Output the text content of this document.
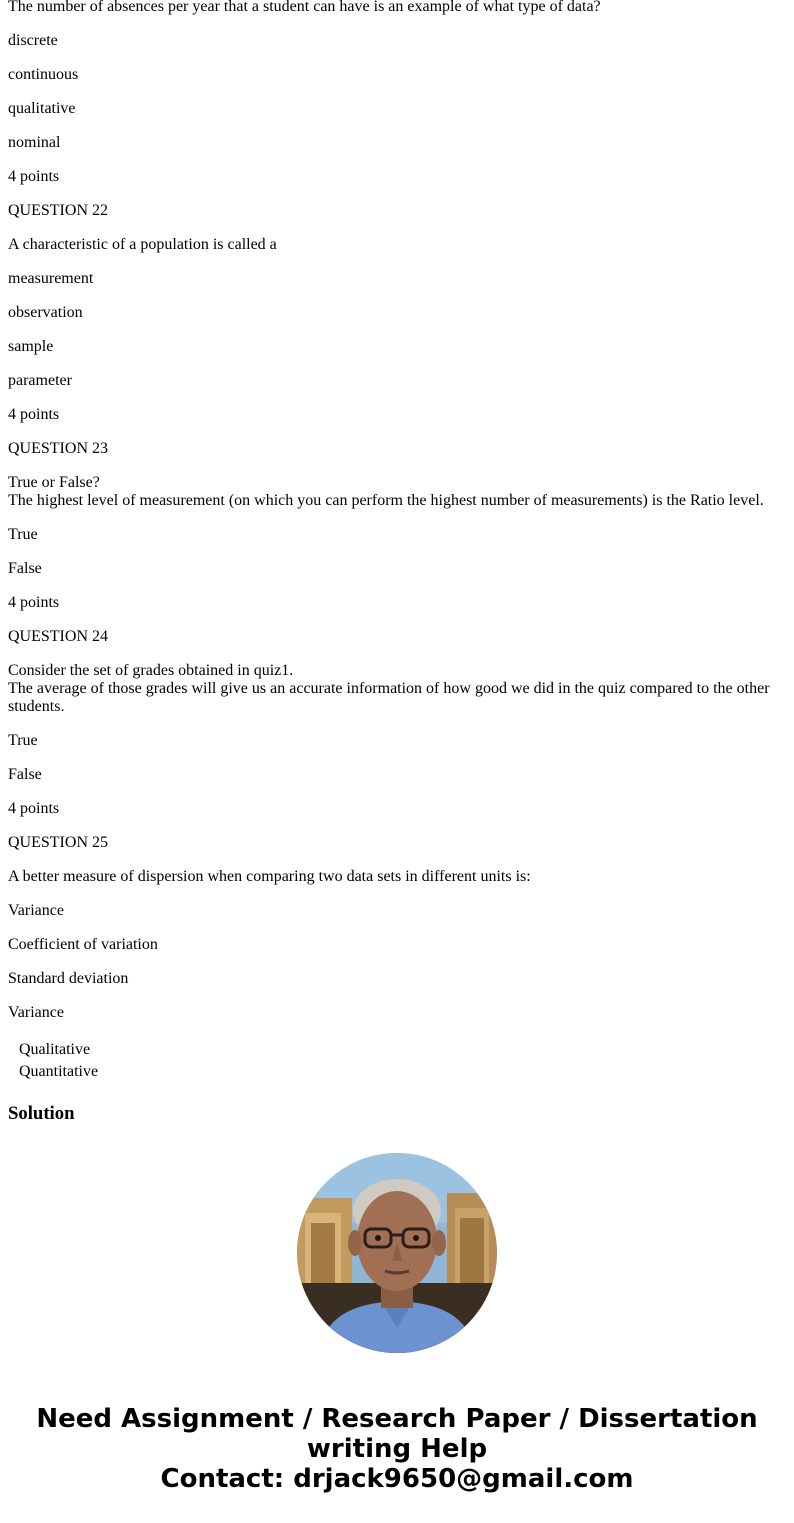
The number of absences per year that a student can have is an example of what type of data?
discrete
continuous
qualitative
nominal
4 points
QUESTION 22
A characteristic of a population is called a
measurement
observation
sample
parameter
4 points
QUESTION 23
True or False?
The highest level of measurement (on which you can perform the highest number of measurements) is the Ratio level.
True
False
4 points
QUESTION 24
Consider the set of grades obtained in quiz1.
The average of those grades will give us an accurate information of how good we did in the quiz compared to the other students.
True
False
4 points
QUESTION 25
A better measure of dispersion when comparing two data sets in different units is:
Variance
Coefficient of variation
Standard deviation
Variance
Qualitative
Quantitative
Solution
Need Assignment / Research Paper / Dissertation
writing Help
Contact: drjack9650@gmail.com
